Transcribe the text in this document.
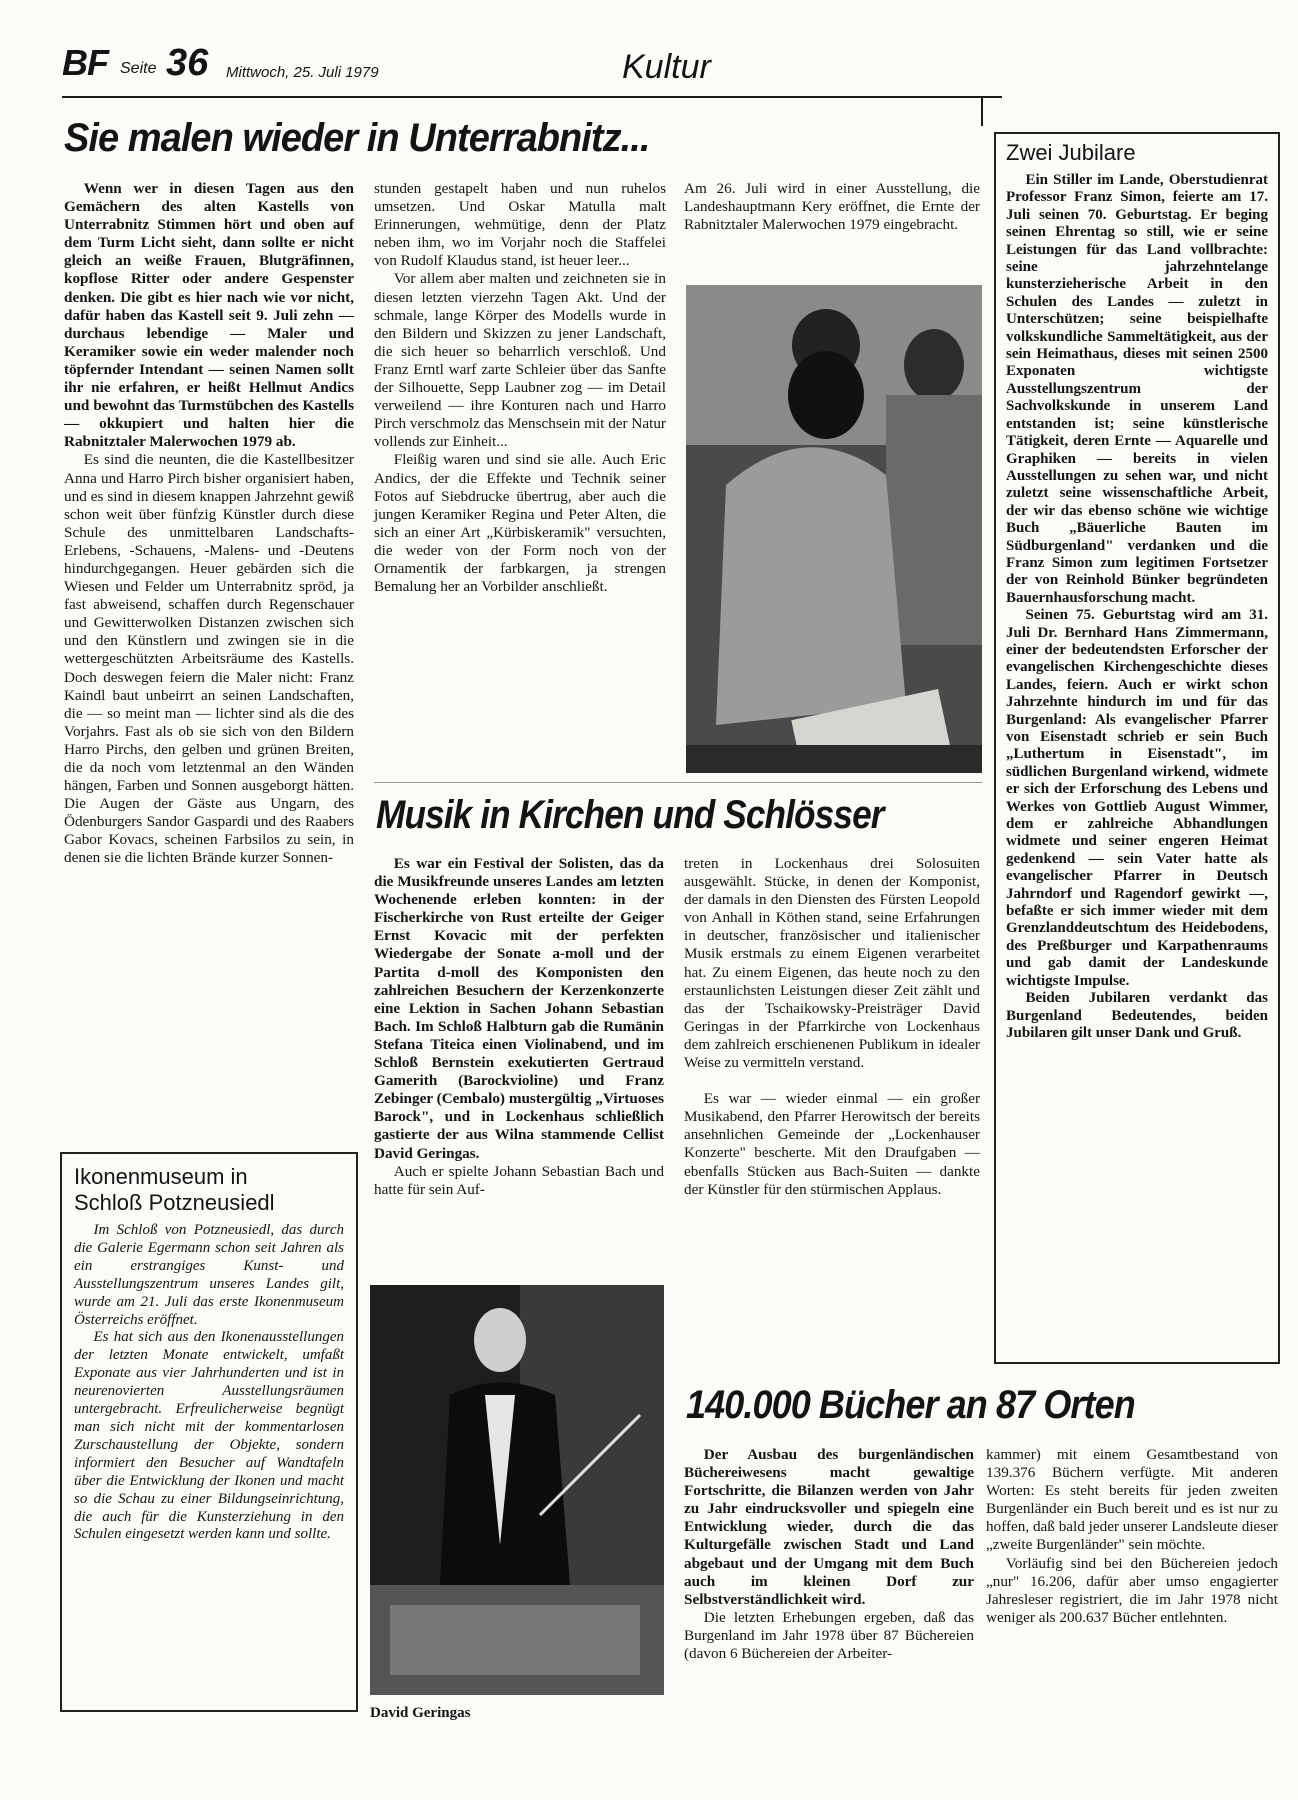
BF Seite 36 Mittwoch, 25. Juli 1979	Kultur
Sie malen wieder in Unterrabnitz...

Wenn wer in diesen Tagen aus den Gemächern des alten Kastells von Unterrabnitz Stimmen hört und oben auf dem Turm Licht sieht, dann sollte er nicht gleich an weiße Frauen, Blutgräfinnen, kopflose Ritter oder andere Gespenster denken. Die gibt es hier nach wie vor nicht, dafür haben das Kastell seit 9. Juli zehn — durchaus lebendige — Maler und Keramiker sowie ein weder malender noch töpfernder Intendant — seinen Namen sollt ihr nie erfahren, er heißt Hellmut Andics und bewohnt das Turmstübchen des Kastells — okkupiert und halten hier die Rabnitztaler Malerwochen 1979 ab.

Es sind die neunten, die die Kastellbesitzer Anna und Harro Pirch bisher organisiert haben, und es sind in diesem knappen Jahrzehnt gewiß schon weit über fünfzig Künstler durch diese Schule des unmittelbaren Landschafts-Erlebens, -Schauens, -Malens- und -Deutens hindurchgegangen. Heuer gebärden sich die Wiesen und Felder um Unterrabnitz spröd, ja fast abweisend, schaffen durch Regenschauer und Gewitterwolken Distanzen zwischen sich und den Künstlern und zwingen sie in die wettergeschützten Arbeitsräume des Kastells. Doch deswegen feiern die Maler nicht: Franz Kaindl baut unbeirrt an seinen Landschaften, die — so meint man — lichter sind als die des Vorjahrs. Fast als ob sie sich von den Bildern Harro Pirchs, den gelben und grünen Breiten, die da noch vom letztenmal an den Wänden hängen, Farben und Sonnen ausgeborgt hätten. Die Augen der Gäste aus Ungarn, des Ödenburgers Sandor Gaspardi und des Raabers Gabor Kovacs, scheinen Farbsilos zu sein, in denen sie die lichten Brände kurzer Sonnen-

stunden gestapelt haben und nun ruhelos umsetzen. Und Oskar Matulla malt Erinnerungen, wehmütige, denn der Platz neben ihm, wo im Vorjahr noch die Staffelei von Rudolf Klaudus stand, ist heuer leer...

Vor allem aber malten und zeichneten sie in diesen letzten vierzehn Tagen Akt. Und der schmale, lange Körper des Modells wurde in den Bildern und Skizzen zu jener Landschaft, die sich heuer so beharrlich verschloß. Und Franz Erntl warf zarte Schleier über das Sanfte der Silhouette, Sepp Laubner zog — im Detail verweilend — ihre Konturen nach und Harro Pirch verschmolz das Menschsein mit der Natur vollends zur Einheit...

Fleißig waren und sind sie alle. Auch Eric Andics, der die Effekte und Technik seiner Fotos auf Siebdrucke übertrug, aber auch die jungen Keramiker Regina und Peter Alten, die sich an einer Art „Kürbiskeramik" versuchten, die weder von der Form noch von der Ornamentik der farbkargen, ja strengen Bemalung her an Vorbilder anschließt.

Am 26. Juli wird in einer Ausstellung, die Landeshauptmann Kery eröffnet, die Ernte der Rabnitztaler Malerwochen 1979 eingebracht.

Zwei Jubilare

Ein Stiller im Lande, Oberstudienrat Professor Franz Simon, feierte am 17. Juli seinen 70. Geburtstag. Er beging seinen Ehrentag so still, wie er seine Leistungen für das Land vollbrachte: seine jahrzehntelange kunsterzieherische Arbeit in den Schulen des Landes — zuletzt in Unterschützen; seine beispielhafte volkskundliche Sammeltätigkeit, aus der sein Heimathaus, dieses mit seinen 2500 Exponaten wichtigste Ausstellungszentrum der Sachvolkskunde in unserem Land entstanden ist; seine künstlerische Tätigkeit, deren Ernte — Aquarelle und Graphiken — bereits in vielen Ausstellungen zu sehen war, und nicht zuletzt seine wissenschaftliche Arbeit, der wir das ebenso schöne wie wichtige Buch „Bäuerliche Bauten im Südburgenland" verdanken und die Franz Simon zum legitimen Fortsetzer der von Reinhold Bünker begründeten Bauernhausforschung macht.

Seinen 75. Geburtstag wird am 31. Juli Dr. Bernhard Hans Zimmermann, einer der bedeutendsten Erforscher der evangelischen Kirchengeschichte dieses Landes, feiern. Auch er wirkt schon Jahrzehnte hindurch im und für das Burgenland: Als evangelischer Pfarrer von Eisenstadt schrieb er sein Buch „Luthertum in Eisenstadt", im südlichen Burgenland wirkend, widmete er sich der Erforschung des Lebens und Werkes von Gottlieb August Wimmer, dem er zahlreiche Abhandlungen widmete und seiner engeren Heimat gedenkend — sein Vater hatte als evangelischer Pfarrer in Deutsch Jahrndorf und Ragendorf gewirkt —, befaßte er sich immer wieder mit dem Grenzlanddeutschtum des Heidebodens, des Preßburger und Karpathenraums und gab damit der Landeskunde wichtigste Impulse.

Beiden Jubilaren verdankt das Burgenland Bedeutendes, beiden Jubilaren gilt unser Dank und Gruß.

Musik in Kirchen und Schlösser

Es war ein Festival der Solisten, das da die Musikfreunde unseres Landes am letzten Wochenende erleben konnten: in der Fischerkirche von Rust erteilte der Geiger Ernst Kovacic mit der perfekten Wiedergabe der Sonate a-moll und der Partita d-moll des Komponisten den zahlreichen Besuchern der Kerzenkonzerte eine Lektion in Sachen Johann Sebastian Bach. Im Schloß Halbturn gab die Rumänin Stefana Titeica einen Violinabend, und im Schloß Bernstein exekutierten Gertraud Gamerith (Barockvioline) und Franz Zebinger (Cembalo) mustergültig „Virtuoses Barock", und in Lockenhaus schließlich gastierte der aus Wilna stammende Cellist David Geringas.

Auch er spielte Johann Sebastian Bach und hatte für sein Auf-

treten in Lockenhaus drei Solosuiten ausgewählt. Stücke, in denen der Komponist, der damals in den Diensten des Fürsten Leopold von Anhall in Köthen stand, seine Erfahrungen in deutscher, französischer und italienischer Musik erstmals zu einem Eigenen verarbeitet hat. Zu einem Eigenen, das heute noch zu den erstaunlichsten Leistungen dieser Zeit zählt und das der Tschaikowsky-Preisträger David Geringas in der Pfarrkirche von Lockenhaus dem zahlreich erschienenen Publikum in idealer Weise zu vermitteln verstand.

Es war — wieder einmal — ein großer Musikabend, den Pfarrer Herowitsch der bereits ansehnlichen Gemeinde der „Lockenhauser Konzerte" bescherte. Mit den Draufgaben — ebenfalls Stücken aus Bach-Suiten — dankte der Künstler für den stürmischen Applaus.

David Geringas
Ikonenmuseum in
Schloß Potzneusiedl

Im Schloß von Potzneusiedl, das durch die Galerie Egermann schon seit Jahren als ein erstrangiges Kunst- und Ausstellungszentrum unseres Landes gilt, wurde am 21. Juli das erste Ikonenmuseum Österreichs eröffnet.

Es hat sich aus den Ikonenausstellungen der letzten Monate entwickelt, umfaßt Exponate aus vier Jahrhunderten und ist in neurenovierten Ausstellungsräumen untergebracht. Erfreulicherweise begnügt man sich nicht mit der kommentarlosen Zurschaustellung der Objekte, sondern informiert den Besucher auf Wandtafeln über die Entwicklung der Ikonen und macht so die Schau zu einer Bildungseinrichtung, die auch für die Kunsterziehung in den Schulen eingesetzt werden kann und sollte.

140.000 Bücher an 87 Orten

Der Ausbau des burgenländischen Büchereiwesens macht gewaltige Fortschritte, die Bilanzen werden von Jahr zu Jahr eindrucksvoller und spiegeln eine Entwicklung wieder, durch die das Kulturgefälle zwischen Stadt und Land abgebaut und der Umgang mit dem Buch auch im kleinen Dorf zur Selbstverständlichkeit wird.

Die letzten Erhebungen ergeben, daß das Burgenland im Jahr 1978 über 87 Büchereien (davon 6 Büchereien der Arbeiter-

kammer) mit einem Gesamtbestand von 139.376 Büchern verfügte. Mit anderen Worten: Es steht bereits für jeden zweiten Burgenländer ein Buch bereit und es ist nur zu hoffen, daß bald jeder unserer Landsleute dieser „zweite Burgenländer" sein möchte.

Vorläufig sind bei den Büchereien jedoch „nur" 16.206, dafür aber umso engagierter Jahresleser registriert, die im Jahr 1978 nicht weniger als 200.637 Bücher entlehnten.
